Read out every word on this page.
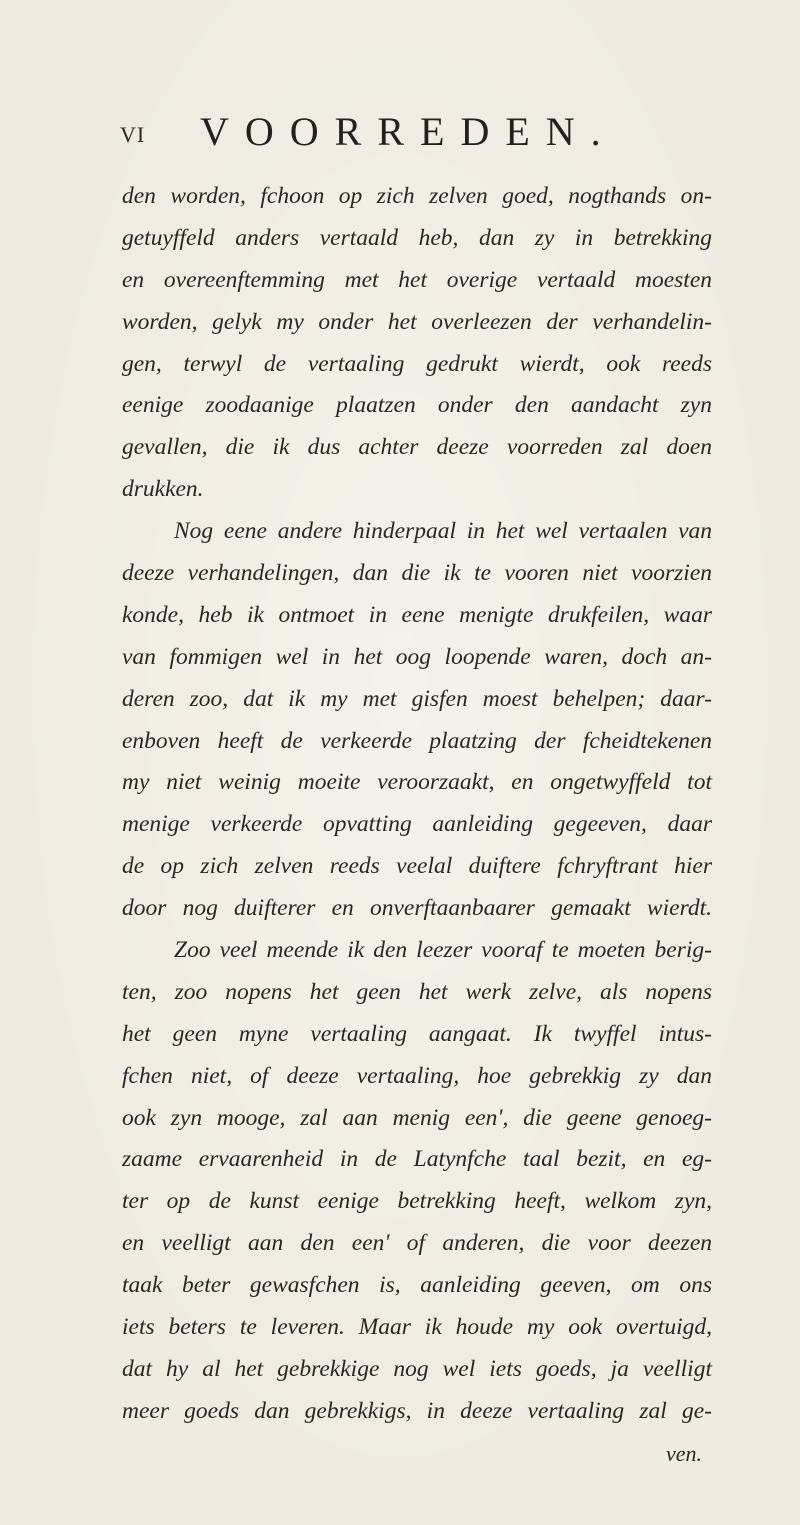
VI VOORREDEN.
den worden, fchoon op zich zelven goed, nogthands on-
getuyffeld anders vertaald heb, dan zy in betrekking
en overeenftemming met het overige vertaald moesten
worden, gelyk my onder het overleezen der verhandelin-
gen, terwyl de vertaaling gedrukt wierdt, ook reeds
eenige zoodaanige plaatzen onder den aandacht zyn
gevallen, die ik dus achter deeze voorreden zal doen
drukken.
Nog eene andere hinderpaal in het wel vertaalen van
deeze verhandelingen, dan die ik te vooren niet voorzien
konde, heb ik ontmoet in eene menigte drukfeilen, waar
van fommigen wel in het oog loopende waren, doch an-
deren zoo, dat ik my met gisfen moest behelpen; daar-
enboven heeft de verkeerde plaatzing der fcheidtekenen
my niet weinig moeite veroorzaakt, en ongetwyffeld tot
menige verkeerde opvatting aanleiding gegeeven, daar
de op zich zelven reeds veelal duiftere fchryftrant hier
door nog duifterer en onverftaanbaarer gemaakt wierdt.
Zoo veel meende ik den leezer vooraf te moeten berig-
ten, zoo nopens het geen het werk zelve, als nopens
het geen myne vertaaling aangaat. Ik twyffel intus-
fchen niet, of deeze vertaaling, hoe gebrekkig zy dan
ook zyn mooge, zal aan menig een', die geene genoeg-
zaame ervaarenheid in de Latynfche taal bezit, en eg-
ter op de kunst eenige betrekking heeft, welkom zyn,
en veelligt aan den een' of anderen, die voor deezen
taak beter gewasfchen is, aanleiding geeven, om ons
iets beters te leveren. Maar ik houde my ook overtuigd,
dat hy al het gebrekkige nog wel iets goeds, ja veelligt
meer goeds dan gebrekkigs, in deeze vertaaling zal ge-
ven.
